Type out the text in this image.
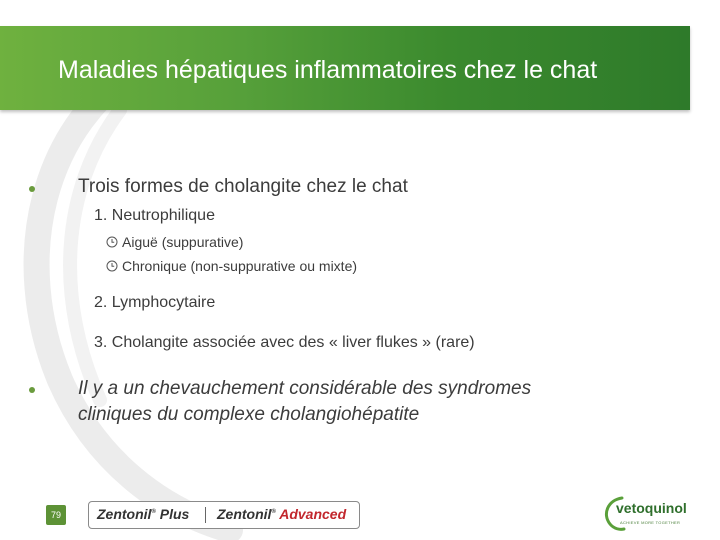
Maladies hépatiques inflammatoires chez le chat
Trois formes de cholangite chez le chat
1. Neutrophilique
Aiguë (suppurative)
Chronique (non-suppurative ou mixte)
2. Lymphocytaire
3. Cholangite associée avec des « liver flukes » (rare)
Il y a un chevauchement considérable des syndromes
cliniques du complexe cholangiohépatite
79	Zentonil® Plus Zentonil® Advanced	vetoquinol
ACHIEVE MORE TOGETHER
